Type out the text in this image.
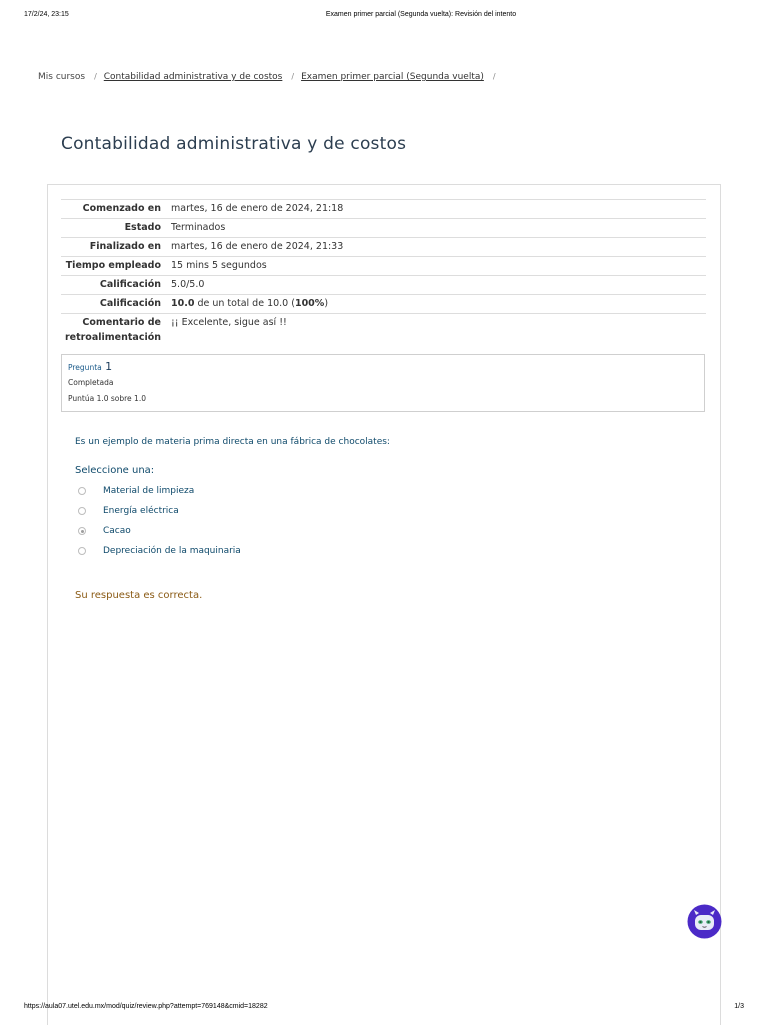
17/2/24, 23:15	Examen primer parcial (Segunda vuelta): Revisión del intento
Mis cursos / Contabilidad administrativa y de costos / Examen primer parcial (Segunda vuelta) /
Contabilidad administrativa y de costos
Comenzado en	martes, 16 de enero de 2024, 21:18
Estado	Terminados
Finalizado en	martes, 16 de enero de 2024, 21:33
Tiempo empleado	15 mins 5 segundos
Calificación	5.0/5.0
Calificación	10.0 de un total de 10.0 (100%)
Comentario de retroalimentación	¡¡ Excelente, sigue así !!
Pregunta 1
Completada
Puntúa 1.0 sobre 1.0
Es un ejemplo de materia prima directa en una fábrica de chocolates:
Seleccione una:
Material de limpieza
Energía eléctrica
Cacao
Depreciación de la maquinaria
Su respuesta es correcta.
https://aula07.utel.edu.mx/mod/quiz/review.php?attempt=769148&cmid=18282	1/3
